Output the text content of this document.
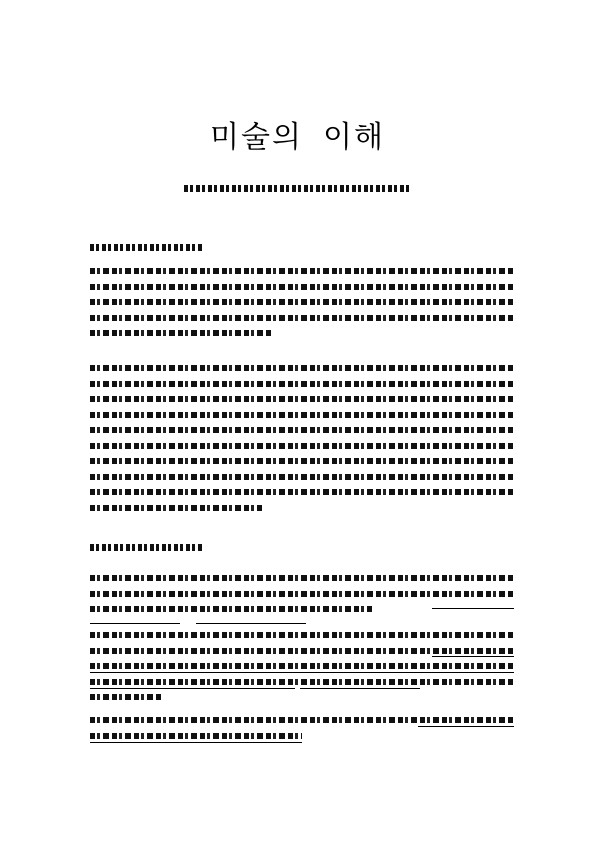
미술의 이해
